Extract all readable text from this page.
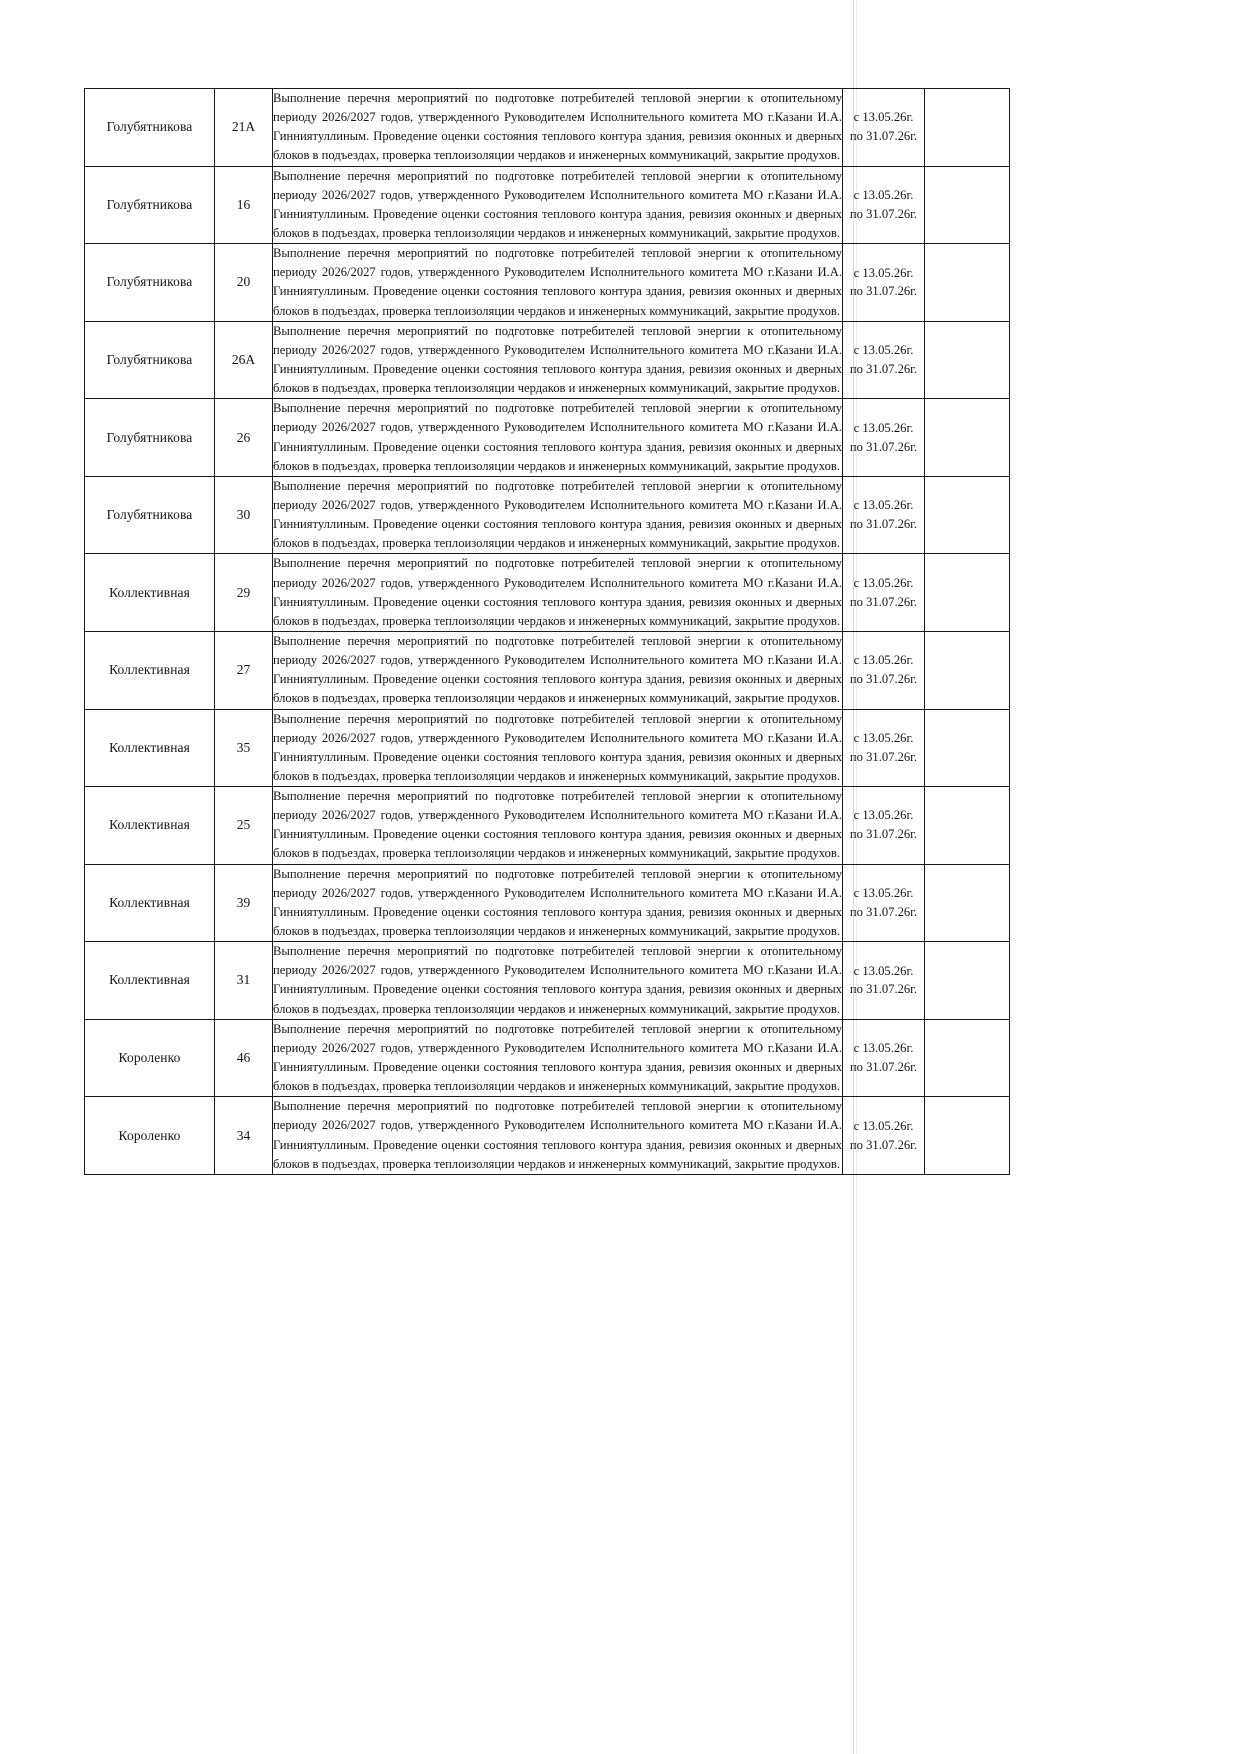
Голубятникова	21А	Выполнение перечня мероприятий по подготовке потребителей тепловой энергии к отопительному периоду 2026/2027 годов, утвержденного Руководителем Исполнительного комитета МО г.Казани И.А. Гинниятуллиным. Проведение оценки состояния теплового контура здания, ревизия оконных и дверных блоков в подъездах, проверка теплоизоляции чердаков и инженерных коммуникаций, закрытие продухов.	с 13.05.26г.
по 31.07.26г.	

Голубятникова	16	Выполнение перечня мероприятий по подготовке потребителей тепловой энергии к отопительному периоду 2026/2027 годов, утвержденного Руководителем Исполнительного комитета МО г.Казани И.А. Гинниятуллиным. Проведение оценки состояния теплового контура здания, ревизия оконных и дверных блоков в подъездах, проверка теплоизоляции чердаков и инженерных коммуникаций, закрытие продухов.	с 13.05.26г.
по 31.07.26г.	

Голубятникова	20	Выполнение перечня мероприятий по подготовке потребителей тепловой энергии к отопительному периоду 2026/2027 годов, утвержденного Руководителем Исполнительного комитета МО г.Казани И.А. Гинниятуллиным. Проведение оценки состояния теплового контура здания, ревизия оконных и дверных блоков в подъездах, проверка теплоизоляции чердаков и инженерных коммуникаций, закрытие продухов.	с 13.05.26г.
по 31.07.26г.	

Голубятникова	26А	Выполнение перечня мероприятий по подготовке потребителей тепловой энергии к отопительному периоду 2026/2027 годов, утвержденного Руководителем Исполнительного комитета МО г.Казани И.А. Гинниятуллиным. Проведение оценки состояния теплового контура здания, ревизия оконных и дверных блоков в подъездах, проверка теплоизоляции чердаков и инженерных коммуникаций, закрытие продухов.	с 13.05.26г.
по 31.07.26г.	

Голубятникова	26	Выполнение перечня мероприятий по подготовке потребителей тепловой энергии к отопительному периоду 2026/2027 годов, утвержденного Руководителем Исполнительного комитета МО г.Казани И.А. Гинниятуллиным. Проведение оценки состояния теплового контура здания, ревизия оконных и дверных блоков в подъездах, проверка теплоизоляции чердаков и инженерных коммуникаций, закрытие продухов.	с 13.05.26г.
по 31.07.26г.	

Голубятникова	30	Выполнение перечня мероприятий по подготовке потребителей тепловой энергии к отопительному периоду 2026/2027 годов, утвержденного Руководителем Исполнительного комитета МО г.Казани И.А. Гинниятуллиным. Проведение оценки состояния теплового контура здания, ревизия оконных и дверных блоков в подъездах, проверка теплоизоляции чердаков и инженерных коммуникаций, закрытие продухов.	с 13.05.26г.
по 31.07.26г.	

Коллективная	29	Выполнение перечня мероприятий по подготовке потребителей тепловой энергии к отопительному периоду 2026/2027 годов, утвержденного Руководителем Исполнительного комитета МО г.Казани И.А. Гинниятуллиным. Проведение оценки состояния теплового контура здания, ревизия оконных и дверных блоков в подъездах, проверка теплоизоляции чердаков и инженерных коммуникаций, закрытие продухов.	с 13.05.26г.
по 31.07.26г.	

Коллективная	27	Выполнение перечня мероприятий по подготовке потребителей тепловой энергии к отопительному периоду 2026/2027 годов, утвержденного Руководителем Исполнительного комитета МО г.Казани И.А. Гинниятуллиным. Проведение оценки состояния теплового контура здания, ревизия оконных и дверных блоков в подъездах, проверка теплоизоляции чердаков и инженерных коммуникаций, закрытие продухов.	с 13.05.26г.
по 31.07.26г.	

Коллективная	35	Выполнение перечня мероприятий по подготовке потребителей тепловой энергии к отопительному периоду 2026/2027 годов, утвержденного Руководителем Исполнительного комитета МО г.Казани И.А. Гинниятуллиным. Проведение оценки состояния теплового контура здания, ревизия оконных и дверных блоков в подъездах, проверка теплоизоляции чердаков и инженерных коммуникаций, закрытие продухов.	с 13.05.26г.
по 31.07.26г.	

Коллективная	25	Выполнение перечня мероприятий по подготовке потребителей тепловой энергии к отопительному периоду 2026/2027 годов, утвержденного Руководителем Исполнительного комитета МО г.Казани И.А. Гинниятуллиным. Проведение оценки состояния теплового контура здания, ревизия оконных и дверных блоков в подъездах, проверка теплоизоляции чердаков и инженерных коммуникаций, закрытие продухов.	с 13.05.26г.
по 31.07.26г.	

Коллективная	39	Выполнение перечня мероприятий по подготовке потребителей тепловой энергии к отопительному периоду 2026/2027 годов, утвержденного Руководителем Исполнительного комитета МО г.Казани И.А. Гинниятуллиным. Проведение оценки состояния теплового контура здания, ревизия оконных и дверных блоков в подъездах, проверка теплоизоляции чердаков и инженерных коммуникаций, закрытие продухов.	с 13.05.26г.
по 31.07.26г.	

Коллективная	31	Выполнение перечня мероприятий по подготовке потребителей тепловой энергии к отопительному периоду 2026/2027 годов, утвержденного Руководителем Исполнительного комитета МО г.Казани И.А. Гинниятуллиным. Проведение оценки состояния теплового контура здания, ревизия оконных и дверных блоков в подъездах, проверка теплоизоляции чердаков и инженерных коммуникаций, закрытие продухов.	с 13.05.26г.
по 31.07.26г.	

Короленко	46	Выполнение перечня мероприятий по подготовке потребителей тепловой энергии к отопительному периоду 2026/2027 годов, утвержденного Руководителем Исполнительного комитета МО г.Казани И.А. Гинниятуллиным. Проведение оценки состояния теплового контура здания, ревизия оконных и дверных блоков в подъездах, проверка теплоизоляции чердаков и инженерных коммуникаций, закрытие продухов.	с 13.05.26г.
по 31.07.26г.	

Короленко	34	Выполнение перечня мероприятий по подготовке потребителей тепловой энергии к отопительному периоду 2026/2027 годов, утвержденного Руководителем Исполнительного комитета МО г.Казани И.А. Гинниятуллиным. Проведение оценки состояния теплового контура здания, ревизия оконных и дверных блоков в подъездах, проверка теплоизоляции чердаков и инженерных коммуникаций, закрытие продухов.	с 13.05.26г.
по 31.07.26г.	
